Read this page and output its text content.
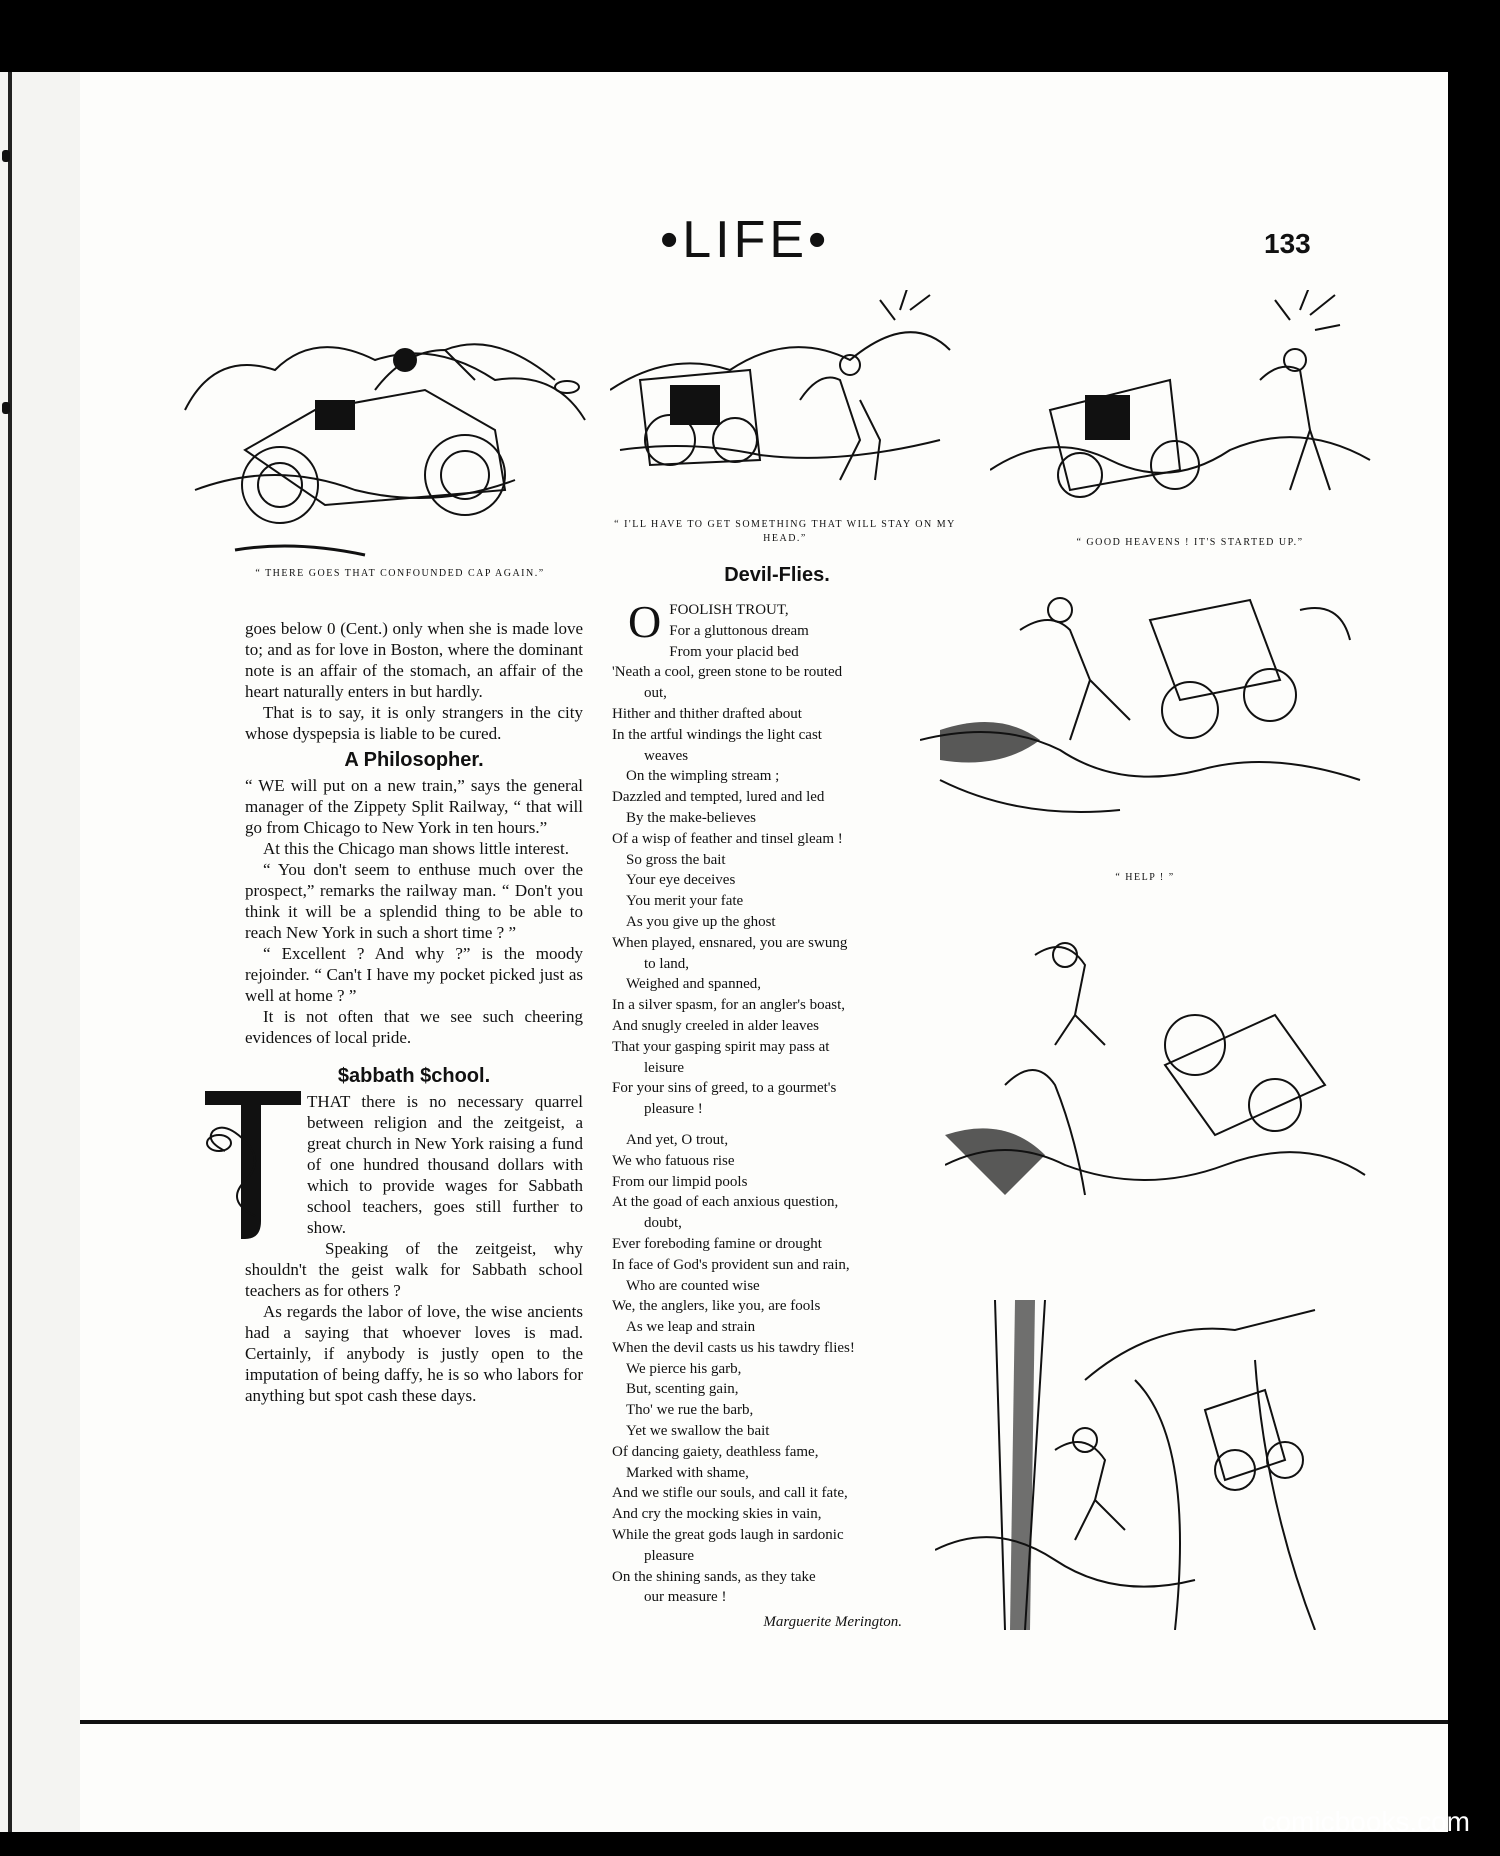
•LIFE•	133
“ THERE GOES THAT CONFOUNDED CAP AGAIN.”
“ I'LL HAVE TO GET SOMETHING THAT WILL STAY ON MY HEAD.”	“ GOOD HEAVENS ! IT'S STARTED UP.”
“ HELP ! ”

goes below 0 (Cent.) only when she is made love to; and as for love in Boston, where the dominant note is an affair of the stomach, an affair of the heart naturally enters in but hardly.

That is to say, it is only strangers in the city whose dyspepsia is liable to be cured.

A Philosopher.

“ WE will put on a new train,” says the general manager of the Zippety Split Railway, “ that will go from Chicago to New York in ten hours.”

At this the Chicago man shows little interest.

“ You don't seem to enthuse much over the prospect,” remarks the railway man. “ Don't you think it will be a splendid thing to be able to reach New York in such a short time ? ”

“ Excellent ? And why ?” is the moody rejoinder. “ Can't I have my pocket picked just as well at home ? ”

It is not often that we see such cheering evidences of local pride.

$abbath $chool.

THAT there is no necessary quarrel between religion and the zeitgeist, a great church in New York raising a fund of one hundred thousand dollars with which to provide wages for Sabbath school teachers, goes still further to show.

Speaking of the zeitgeist, why shouldn't the geist walk for Sabbath school teachers as for others ?

As regards the labor of love, the wise ancients had a saying that whoever loves is mad. Certainly, if anybody is justly open to the imputation of being daffy, he is so who labors for anything but spot cash these days.

Devil-Flies.
O FOOLISH TROUT,
For a gluttonous dream
From your placid bed
'Neath a cool, green stone to be routed
out,
Hither and thither drafted about
In the artful windings the light cast
weaves
On the wimpling stream ;
Dazzled and tempted, lured and led
By the make-believes
Of a wisp of feather and tinsel gleam !
So gross the bait
Your eye deceives
You merit your fate
As you give up the ghost
When played, ensnared, you are swung
to land,
Weighed and spanned,
In a silver spasm, for an angler's boast,
And snugly creeled in alder leaves
That your gasping spirit may pass at
leisure
For your sins of greed, to a gourmet's
pleasure !
And yet, O trout,
We who fatuous rise
From our limpid pools
At the goad of each anxious question,
doubt,
Ever foreboding famine or drought
In face of God's provident sun and rain,
Who are counted wise
We, the anglers, like you, are fools
As we leap and strain
When the devil casts us his tawdry flies!
We pierce his garb,
But, scenting gain,
Tho' we rue the barb,
Yet we swallow the bait
Of dancing gaiety, deathless fame,
Marked with shame,
And we stifle our souls, and call it fate,
And cry the mocking skies in vain,
While the great gods laugh in sardonic
pleasure
On the shining sands, as they take
our measure !
Marguerite Merington.
comicbooks.com
